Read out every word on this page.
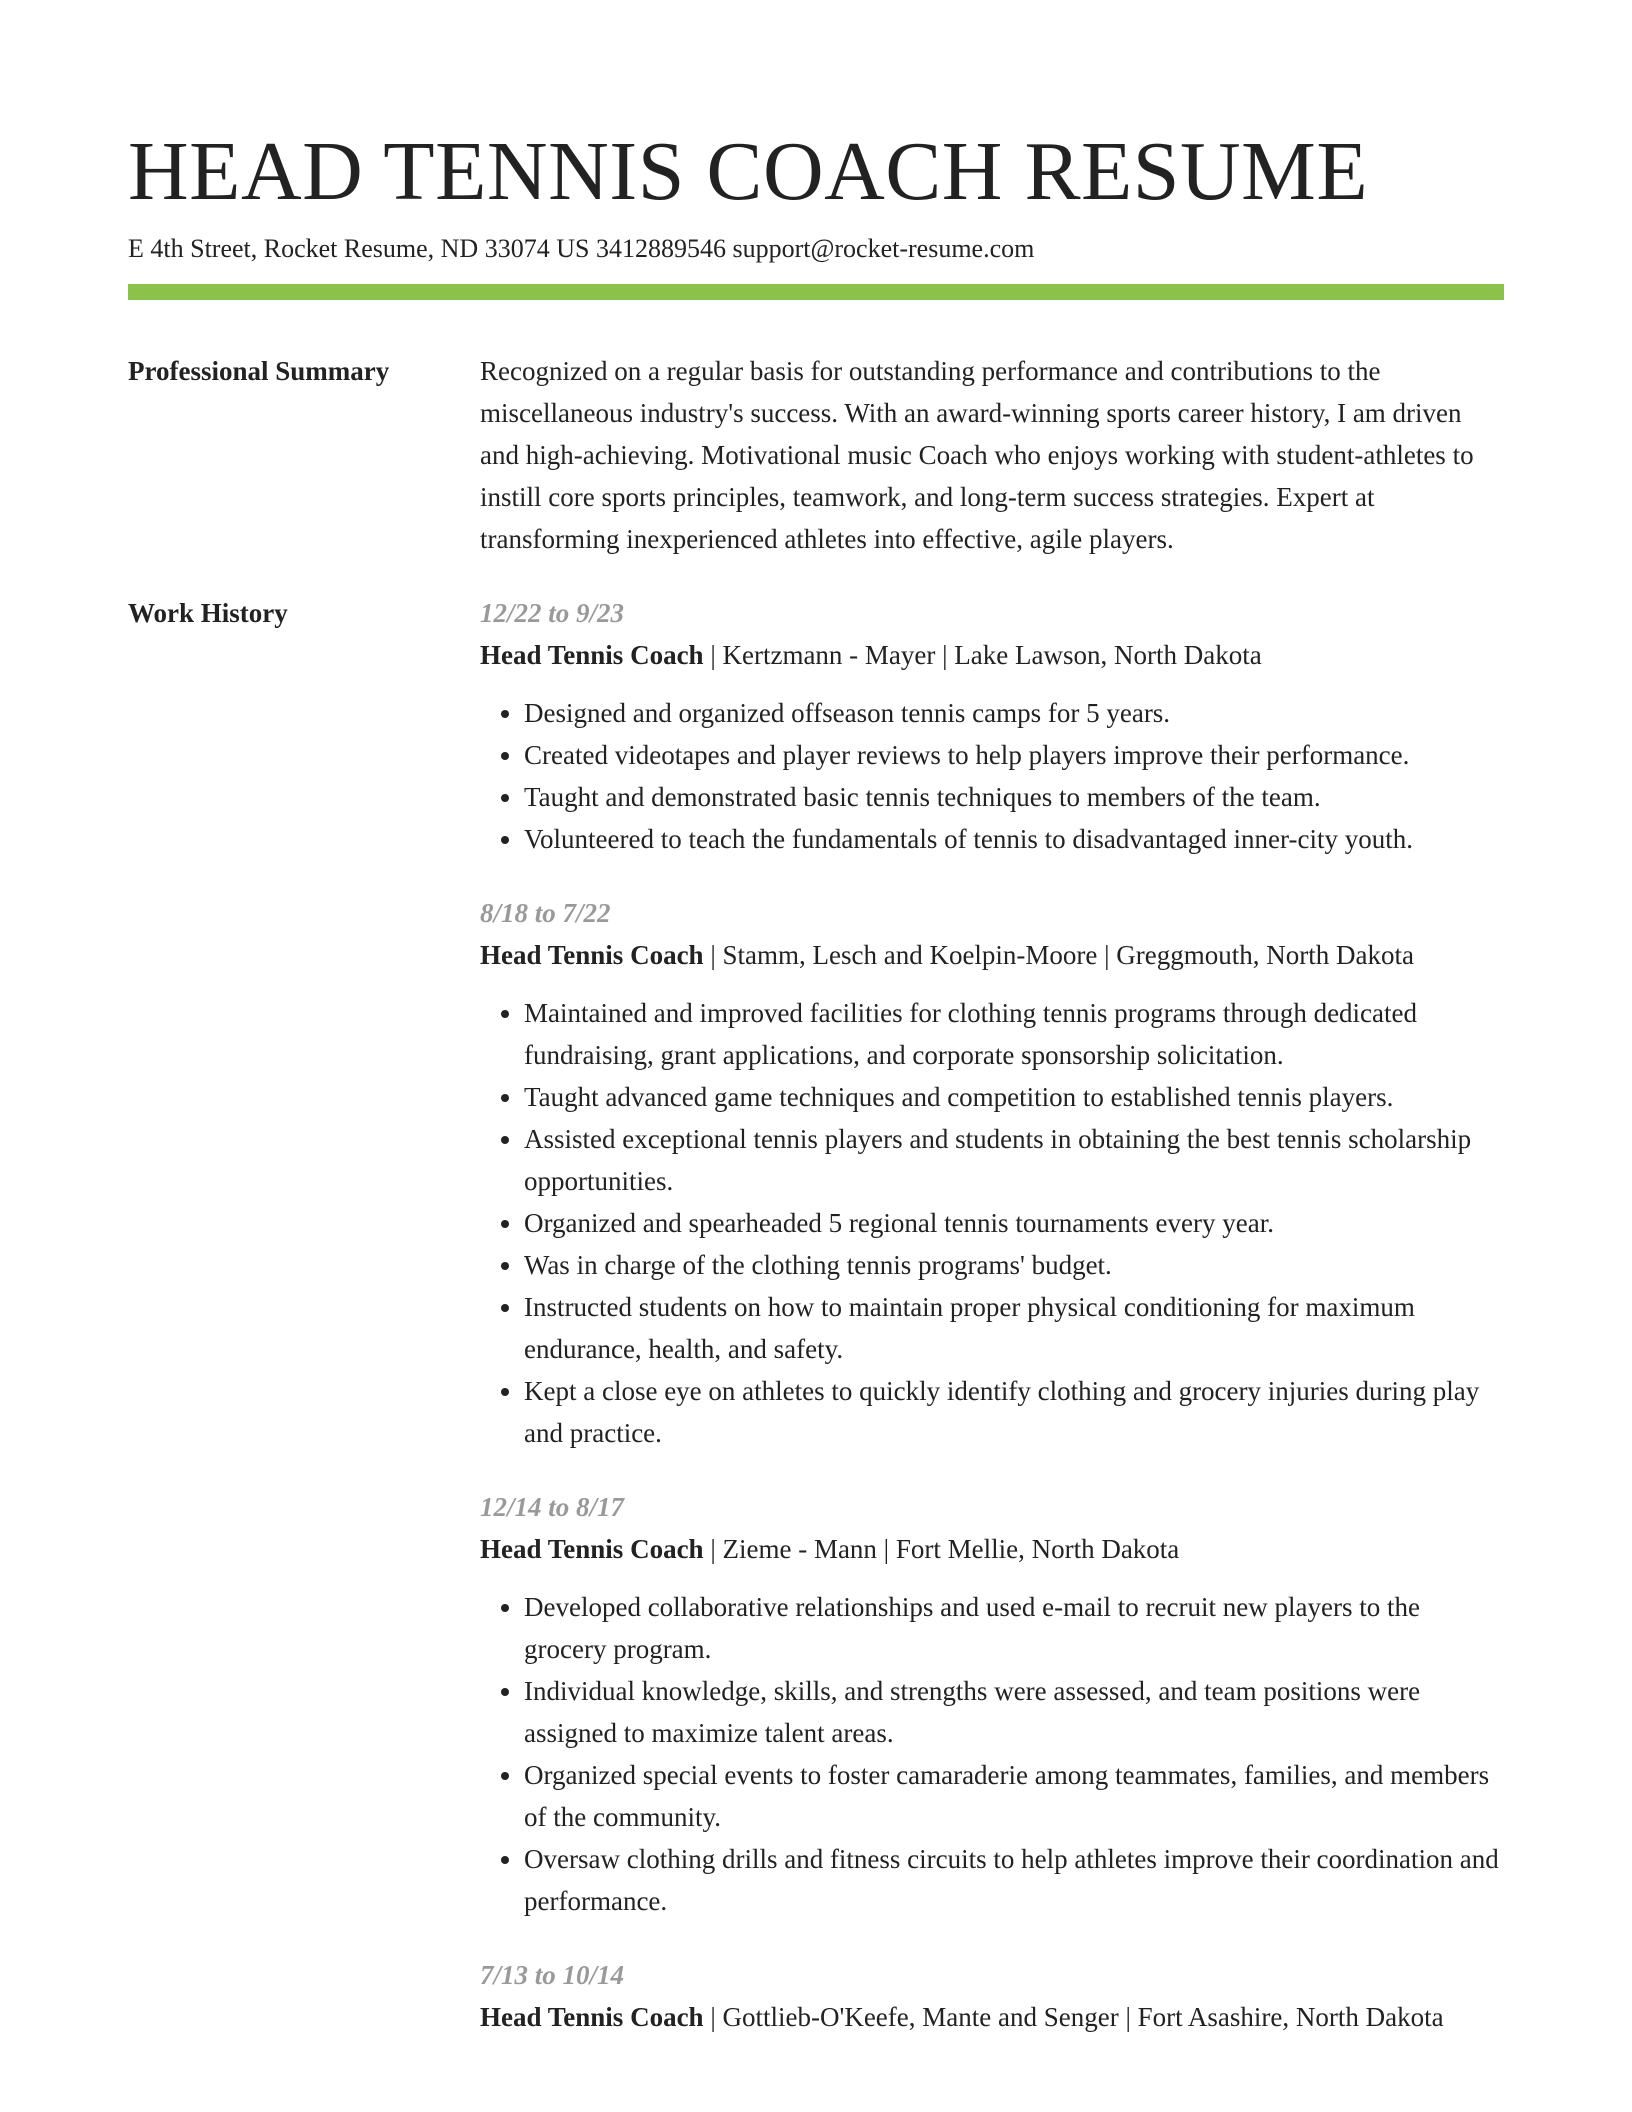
HEAD TENNIS COACH RESUME
E 4th Street, Rocket Resume, ND 33074 US 3412889546 support@rocket-resume.com
Professional Summary	Recognized on a regular basis for outstanding performance and contributions to the miscellaneous industry's success. With an award-winning sports career history, I am driven and high-achieving. Motivational music Coach who enjoys working with student-athletes to instill core sports principles, teamwork, and long-term success strategies. Expert at transforming inexperienced athletes into effective, agile players.
Work History	12/22 to 9/23
Head Tennis Coach | Kertzmann - Mayer | Lake Lawson, North Dakota
• Designed and organized offseason tennis camps for 5 years.
• Created videotapes and player reviews to help players improve their performance.
• Taught and demonstrated basic tennis techniques to members of the team.
• Volunteered to teach the fundamentals of tennis to disadvantaged inner-city youth.
8/18 to 7/22
Head Tennis Coach | Stamm, Lesch and Koelpin-Moore | Greggmouth, North Dakota
• Maintained and improved facilities for clothing tennis programs through dedicated fundraising, grant applications, and corporate sponsorship solicitation.
• Taught advanced game techniques and competition to established tennis players.
• Assisted exceptional tennis players and students in obtaining the best tennis scholarship opportunities.
• Organized and spearheaded 5 regional tennis tournaments every year.
• Was in charge of the clothing tennis programs' budget.
• Instructed students on how to maintain proper physical conditioning for maximum endurance, health, and safety.
• Kept a close eye on athletes to quickly identify clothing and grocery injuries during play and practice.
12/14 to 8/17
Head Tennis Coach | Zieme - Mann | Fort Mellie, North Dakota
• Developed collaborative relationships and used e-mail to recruit new players to the grocery program.
• Individual knowledge, skills, and strengths were assessed, and team positions were assigned to maximize talent areas.
• Organized special events to foster camaraderie among teammates, families, and members of the community.
• Oversaw clothing drills and fitness circuits to help athletes improve their coordination and performance.
7/13 to 10/14
Head Tennis Coach | Gottlieb-O'Keefe, Mante and Senger | Fort Asashire, North Dakota
